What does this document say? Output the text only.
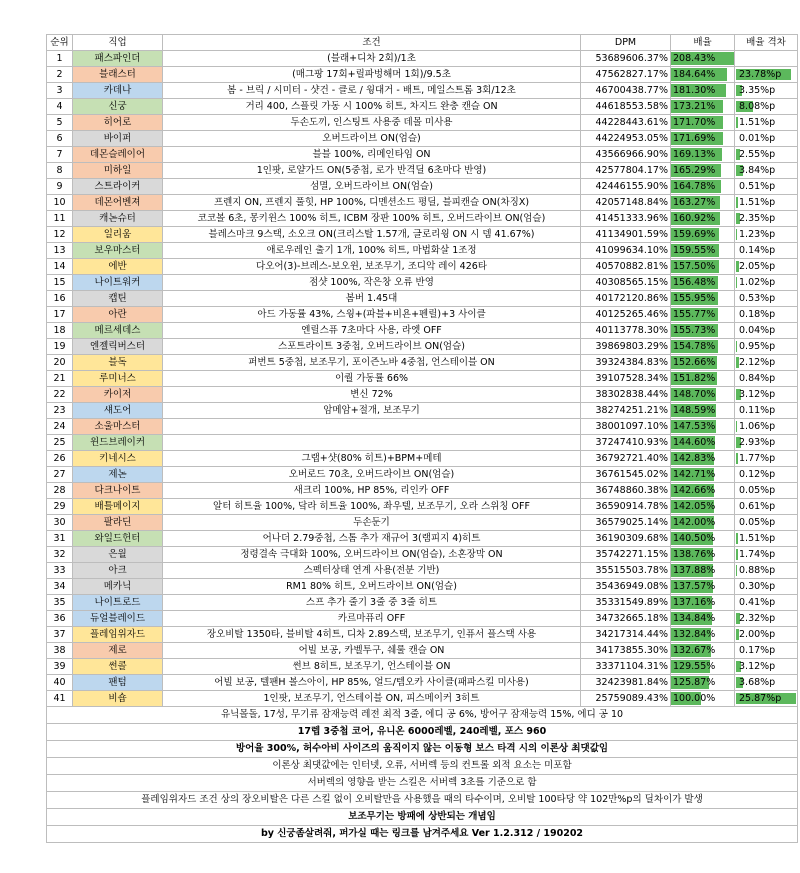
순위	직업	조건	DPM	배율	배율 격차
1	패스파인더	(블래+디차 2회)/1초	53689606.37%	208.43%	

2	블래스터	(매그팡 17회+릴파벙해머 1회)/9.5초	47562827.17%	184.64%	23.78%p
3	카데나	봄 - 브릭 / 시미터 - 샷건 - 클로 / 윙대거 - 배트, 메일스트롬 3회/12초	46700438.77%	181.30%	3.35%p
4	신궁	거리 400, 스플릿 가동 시 100% 히트, 차지드 완충 캔슬 ON	44618553.58%	173.21%	8.08%p
5	히어로	두손도끼, 인스팅트 사용중 데몰 미사용	44228443.61%	171.70%	1.51%p
6	바이퍼	오버드라이브 ON(엄슬)	44224953.05%	171.69%	0.01%p
7	데몬슬레이어	블블 100%, 리메인타임 ON	43566966.90%	169.13%	2.55%p
8	미하일	1인팟, 로얄가드 ON(5중첩, 로가 반격딜 6초마다 반영)	42577804.17%	165.29%	3.84%p
9	스트라이커	섬멸, 오버드라이브 ON(엄슬)	42446155.90%	164.78%	0.51%p
10	데몬어벤져	프렌지 ON, 프렌지 풀힛, HP 100%, 디멘션소드 평딜, 블피캔슬 ON(차징X)	42057148.84%	163.27%	1.51%p
11	캐논슈터	코코볼 6초, 몽키윈스 100% 히트, ICBM 장판 100% 히트, 오버드라이브 ON(엄슬)	41451333.96%	160.92%	2.35%p
12	일리움	블레스마크 9스택, 소오크 ON(크리스탈 1.57개, 글로리윙 ON 시 뎀 41.67%)	41134901.59%	159.69%	1.23%p
13	보우마스터	애로우레인 출기 1개, 100% 히트, 마법화살 1조정	41099634.10%	159.55%	0.14%p
14	에반	다오어(3)-브레스-보오윈, 보조무기, 조디악 레이 426타	40570882.81%	157.50%	2.05%p
15	나이트워커	점샷 100%, 작은창 오류 반영	40308565.15%	156.48%	1.02%p
16	캡틴	봄버 1.45대	40172120.86%	155.95%	0.53%p
17	아란	아드 가동률 43%, 스윙+(파블+비욘+펜릴)+3 사이클	40125265.46%	155.77%	0.18%p
18	메르세데스	엔릴스퓨 7초마다 사용, 라엣 OFF	40113778.30%	155.73%	0.04%p
19	엔젤릭버스터	스포트라이트 3중첩, 오버드라이브 ON(엄슬)	39869803.29%	154.78%	0.95%p
20	블독	퍼번트 5중첩, 보조무기, 포이즌노바 4중첩, 언스테이블 ON	39324384.83%	152.66%	2.12%p
21	루미너스	이퀄 가동률 66%	39107528.34%	151.82%	0.84%p
22	카이저	변신 72%	38302838.44%	148.70%	3.12%p
23	섀도어	암메암+절개, 보조무기	38274251.21%	148.59%	0.11%p
24	소울마스터		38001097.10%	147.53%	1.06%p
25	윈드브레이커		37247410.93%	144.60%	2.93%p
26	키네시스	그랩+샷(80% 히트)+BPM+메테	36792721.40%	142.83%	1.77%p
27	제논	오버로드 70초, 오버드라이브 ON(엄슬)	36761545.02%	142.71%	0.12%p
28	다크나이트	새크리 100%, HP 85%, 리인카 OFF	36748860.38%	142.66%	0.05%p
29	배틀메이지	알터 히트율 100%, 닼라 히트율 100%, 좌우텔, 보조무기, 오라 스위칭 OFF	36590914.78%	142.05%	0.61%p
30	팔라딘	두손둔기	36579025.14%	142.00%	0.05%p
31	와일드헌터	어나더 2.79중첩, 스톰 추가 재규어 3(램피지 4)히트	36190309.68%	140.50%	1.51%p
32	은월	정령결속 극대화 100%, 오버드라이브 ON(엄슬), 소혼장막 ON	35742271.15%	138.76%	1.74%p
33	아크	스펙터상태 연계 사용(전분 기반)	35515503.78%	137.88%	0.88%p
34	메카닉	RM1 80% 히트, 오버드라이브 ON(엄슬)	35436949.08%	137.57%	0.30%p
35	나이트로드	스프 추가 줄기 3줄 중 3줄 히트	35331549.89%	137.16%	0.41%p
36	듀얼블레이드	카르마퓨리 OFF	34732665.18%	134.84%	2.32%p
37	플레임위자드	장오비탈 1350타, 블비탈 4히트, 디차 2.89스택, 보조무기, 인퓨서 플스택 사용	34217314.44%	132.84%	2.00%p
38	제로	어빌 보공, 카벨투구, 쉐룰 캔슬 ON	34173855.30%	132.67%	0.17%p
39	썬콜	썬브 8히트, 보조무기, 언스테이블 ON	33371104.31%	129.55%	3.12%p
40	팬텀	어빌 보공, 텔팬H 볼스아이, HP 85%, 얼드/템오카 사이클(패파스킬 미사용)	32423981.84%	125.87%	3.68%p
41	비숍	1인팟, 보조무기, 언스테이블 ON, 피스메이커 3히트	25759089.43%	100.00%	25.87%p
유닉몰돌, 17성, 무기류 잠재능력 레전 최적 3줄, 에디 공 6%, 방어구 잠재능력 15%, 에디 공 10					
17렙 3중첩 코어, 유니온 6000레벨, 240레벨, 포스 960					
방어율 300%, 허수아비 사이즈의 움직이지 않는 이동형 보스 타격 시의 이론상 최댓값임					
이론상 최댓값에는 인터넷, 오류, 서버렉 등의 컨트롤 외적 요소는 미포함					
서버렉의 영향을 받는 스킬은 서버렉 3초를 기준으로 함					
플레임위자드 조건 상의 장오비탈은 다른 스킬 없이 오비탈만을 사용했을 때의 타수이며, 오비탈 100타당 약 102만%p의 딜차이가 발생					
보조무기는 방패에 상반되는 개념임					
by 신궁좀살려줘, 퍼가실 때는 링크를 남겨주세요 Ver 1.2.312 / 190202					
